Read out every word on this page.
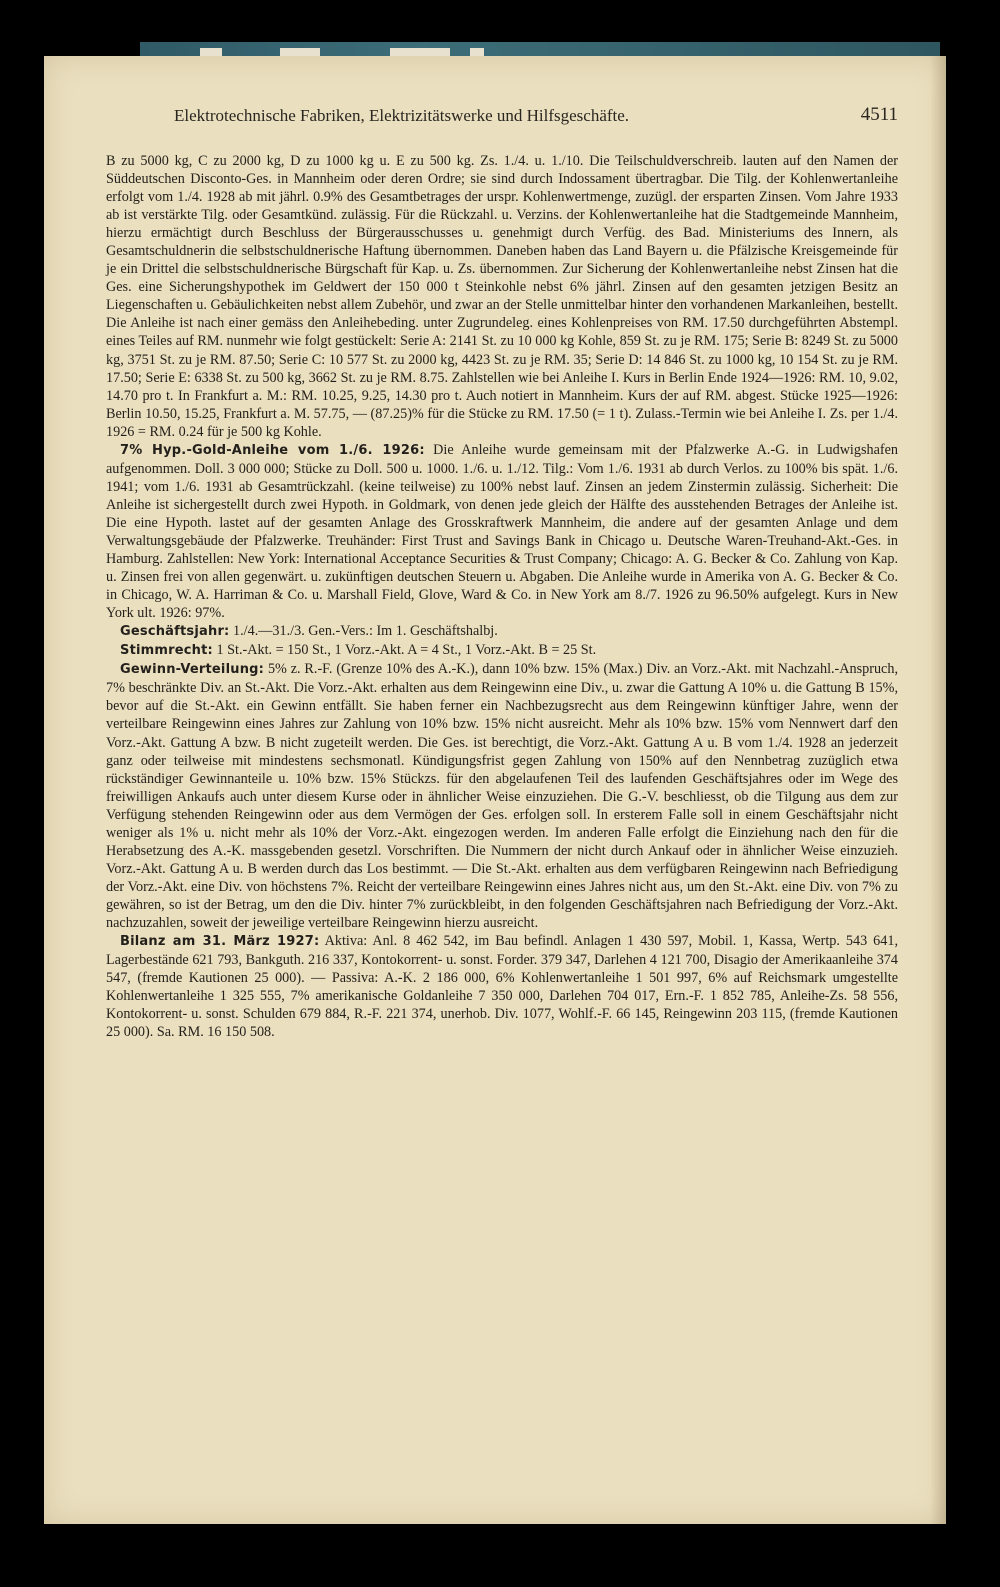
Elektrotechnische Fabriken, Elektrizitätswerke und Hilfsgeschäfte.	4511

B zu 5000 kg, C zu 2000 kg, D zu 1000 kg u. E zu 500 kg. Zs. 1./4. u. 1./10. Die Teilschuldverschreib. lauten auf den Namen der Süddeutschen Disconto-Ges. in Mannheim oder deren Ordre; sie sind durch Indossament übertragbar. Die Tilg. der Kohlenwertanleihe erfolgt vom 1./4. 1928 ab mit jährl. 0.9% des Gesamtbetrages der urspr. Kohlenwertmenge, zuzügl. der ersparten Zinsen. Vom Jahre 1933 ab ist verstärkte Tilg. oder Gesamtkünd. zulässig. Für die Rückzahl. u. Verzins. der Kohlenwertanleihe hat die Stadtgemeinde Mannheim, hierzu ermächtigt durch Beschluss der Bürgerausschusses u. genehmigt durch Verfüg. des Bad. Ministeriums des Innern, als Gesamtschuldnerin die selbstschuldnerische Haftung übernommen. Daneben haben das Land Bayern u. die Pfälzische Kreisgemeinde für je ein Drittel die selbstschuldnerische Bürgschaft für Kap. u. Zs. übernommen. Zur Sicherung der Kohlenwertanleihe nebst Zinsen hat die Ges. eine Sicherungshypothek im Geldwert der 150 000 t Steinkohle nebst 6% jährl. Zinsen auf den gesamten jetzigen Besitz an Liegenschaften u. Gebäulichkeiten nebst allem Zubehör, und zwar an der Stelle unmittelbar hinter den vorhandenen Markanleihen, bestellt. Die Anleihe ist nach einer gemäss den Anleihebeding. unter Zugrundeleg. eines Kohlenpreises von RM. 17.50 durchgeführten Abstempl. eines Teiles auf RM. nunmehr wie folgt gestückelt: Serie A: 2141 St. zu 10 000 kg Kohle, 859 St. zu je RM. 175; Serie B: 8249 St. zu 5000 kg, 3751 St. zu je RM. 87.50; Serie C: 10 577 St. zu 2000 kg, 4423 St. zu je RM. 35; Serie D: 14 846 St. zu 1000 kg, 10 154 St. zu je RM. 17.50; Serie E: 6338 St. zu 500 kg, 3662 St. zu je RM. 8.75. Zahlstellen wie bei Anleihe I. Kurs in Berlin Ende 1924—1926: RM. 10, 9.02, 14.70 pro t. In Frankfurt a. M.: RM. 10.25, 9.25, 14.30 pro t. Auch notiert in Mannheim. Kurs der auf RM. abgest. Stücke 1925—1926: Berlin 10.50, 15.25, Frankfurt a. M. 57.75, — (87.25)% für die Stücke zu RM. 17.50 (= 1 t). Zulass.-Termin wie bei Anleihe I. Zs. per 1./4. 1926 = RM. 0.24 für je 500 kg Kohle.

7% Hyp.-Gold-Anleihe vom 1./6. 1926: Die Anleihe wurde gemeinsam mit der Pfalzwerke A.-G. in Ludwigshafen aufgenommen. Doll. 3 000 000; Stücke zu Doll. 500 u. 1000. 1./6. u. 1./12. Tilg.: Vom 1./6. 1931 ab durch Verlos. zu 100% bis spät. 1./6. 1941; vom 1./6. 1931 ab Gesamtrückzahl. (keine teilweise) zu 100% nebst lauf. Zinsen an jedem Zinstermin zulässig. Sicherheit: Die Anleihe ist sichergestellt durch zwei Hypoth. in Goldmark, von denen jede gleich der Hälfte des ausstehenden Betrages der Anleihe ist. Die eine Hypoth. lastet auf der gesamten Anlage des Grosskraftwerk Mannheim, die andere auf der gesamten Anlage und dem Verwaltungsgebäude der Pfalzwerke. Treuhänder: First Trust and Savings Bank in Chicago u. Deutsche Waren-Treuhand-Akt.-Ges. in Hamburg. Zahlstellen: New York: International Acceptance Securities & Trust Company; Chicago: A. G. Becker & Co. Zahlung von Kap. u. Zinsen frei von allen gegenwärt. u. zukünftigen deutschen Steuern u. Abgaben. Die Anleihe wurde in Amerika von A. G. Becker & Co. in Chicago, W. A. Harriman & Co. u. Marshall Field, Glove, Ward & Co. in New York am 8./7. 1926 zu 96.50% aufgelegt. Kurs in New York ult. 1926: 97%.

Geschäftsjahr: 1./4.—31./3. Gen.-Vers.: Im 1. Geschäftshalbj.

Stimmrecht: 1 St.-Akt. = 150 St., 1 Vorz.-Akt. A = 4 St., 1 Vorz.-Akt. B = 25 St.

Gewinn-Verteilung: 5% z. R.-F. (Grenze 10% des A.-K.), dann 10% bzw. 15% (Max.) Div. an Vorz.-Akt. mit Nachzahl.-Anspruch, 7% beschränkte Div. an St.-Akt. Die Vorz.-Akt. erhalten aus dem Reingewinn eine Div., u. zwar die Gattung A 10% u. die Gattung B 15%, bevor auf die St.-Akt. ein Gewinn entfällt. Sie haben ferner ein Nachbezugsrecht aus dem Reingewinn künftiger Jahre, wenn der verteilbare Reingewinn eines Jahres zur Zahlung von 10% bzw. 15% nicht ausreicht. Mehr als 10% bzw. 15% vom Nennwert darf den Vorz.-Akt. Gattung A bzw. B nicht zugeteilt werden. Die Ges. ist berechtigt, die Vorz.-Akt. Gattung A u. B vom 1./4. 1928 an jederzeit ganz oder teilweise mit mindestens sechsmonatl. Kündigungsfrist gegen Zahlung von 150% auf den Nennbetrag zuzüglich etwa rückständiger Gewinnanteile u. 10% bzw. 15% Stückzs. für den abgelaufenen Teil des laufenden Geschäftsjahres oder im Wege des freiwilligen Ankaufs auch unter diesem Kurse oder in ähnlicher Weise einzuziehen. Die G.-V. beschliesst, ob die Tilgung aus dem zur Verfügung stehenden Reingewinn oder aus dem Vermögen der Ges. erfolgen soll. In ersterem Falle soll in einem Geschäftsjahr nicht weniger als 1% u. nicht mehr als 10% der Vorz.-Akt. eingezogen werden. Im anderen Falle erfolgt die Einziehung nach den für die Herabsetzung des A.-K. massgebenden gesetzl. Vorschriften. Die Nummern der nicht durch Ankauf oder in ähnlicher Weise einzuzieh. Vorz.-Akt. Gattung A u. B werden durch das Los bestimmt. — Die St.-Akt. erhalten aus dem verfügbaren Reingewinn nach Befriedigung der Vorz.-Akt. eine Div. von höchstens 7%. Reicht der verteilbare Reingewinn eines Jahres nicht aus, um den St.-Akt. eine Div. von 7% zu gewähren, so ist der Betrag, um den die Div. hinter 7% zurückbleibt, in den folgenden Geschäftsjahren nach Befriedigung der Vorz.-Akt. nachzuzahlen, soweit der jeweilige verteilbare Reingewinn hierzu ausreicht.

Bilanz am 31. März 1927: Aktiva: Anl. 8 462 542, im Bau befindl. Anlagen 1 430 597, Mobil. 1, Kassa, Wertp. 543 641, Lagerbestände 621 793, Bankguth. 216 337, Kontokorrent- u. sonst. Forder. 379 347, Darlehen 4 121 700, Disagio der Amerikaanleihe 374 547, (fremde Kautionen 25 000). — Passiva: A.-K. 2 186 000, 6% Kohlenwertanleihe 1 501 997, 6% auf Reichsmark umgestellte Kohlenwertanleihe 1 325 555, 7% amerikanische Goldanleihe 7 350 000, Darlehen 704 017, Ern.-F. 1 852 785, Anleihe-Zs. 58 556, Kontokorrent- u. sonst. Schulden 679 884, R.-F. 221 374, unerhob. Div. 1077, Wohlf.-F. 66 145, Reingewinn 203 115, (fremde Kautionen 25 000). Sa. RM. 16 150 508.
